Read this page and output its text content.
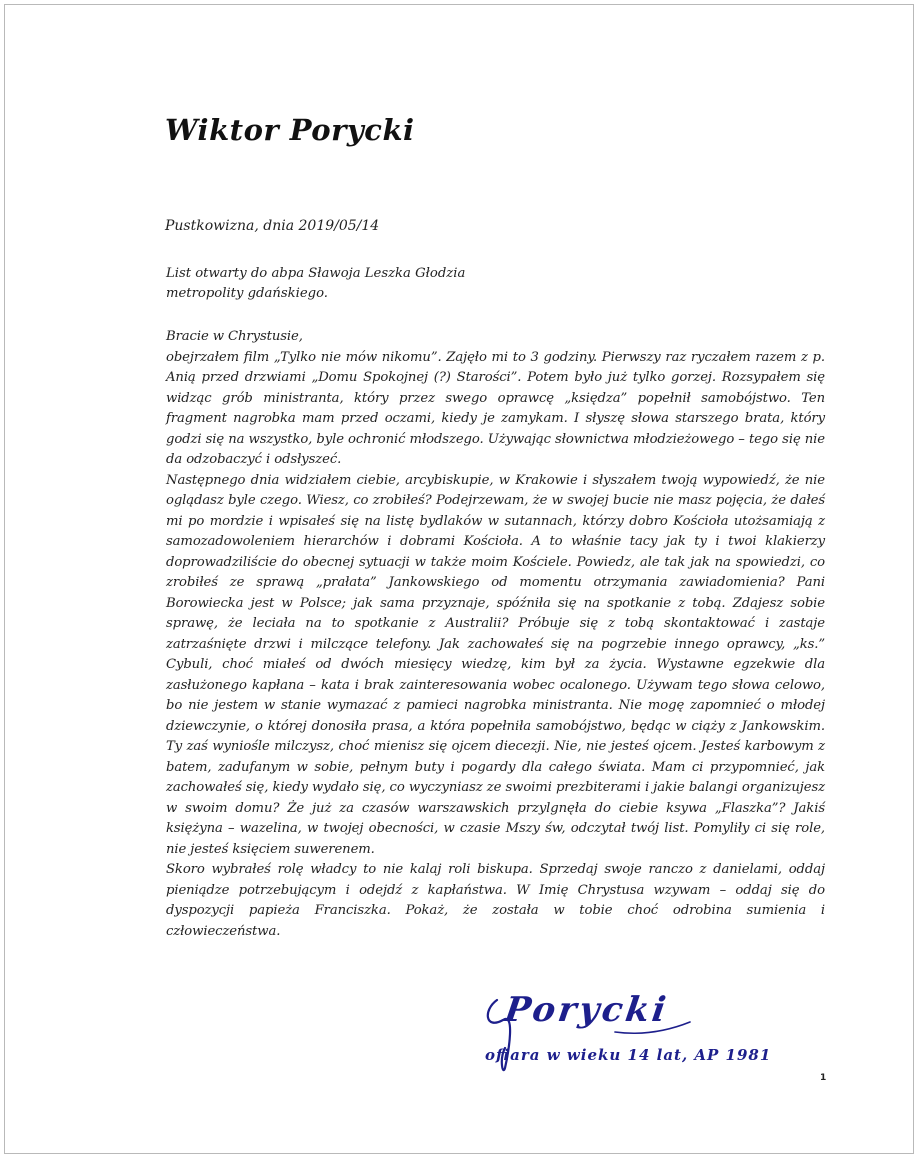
Wiktor Porycki
Pustkowizna, dnia 2019/05/14
List otwarty do abpa Sławoja Leszka Głodzia
metropolity gdańskiego.

Bracie w Chrystusie,

obejrzałem film „Tylko nie mów nikomu”. Zajęło mi to 3 godziny. Pierwszy raz ryczałem razem z p. Anią przed drzwiami „Domu Spokojnej (?) Starości”. Potem było już tylko gorzej. Rozsypałem się widząc grób ministranta, który przez swego oprawcę „księdza” popełnił samobójstwo. Ten fragment nagrobka mam przed oczami, kiedy je zamykam. I słyszę słowa starszego brata, który godzi się na wszystko, byle ochronić młodszego. Używając słownictwa młodzieżowego – tego się nie da odzobaczyć i odsłyszeć.

Następnego dnia widziałem ciebie, arcybiskupie, w Krakowie i słyszałem twoją wypowiedź, że nie oglądasz byle czego. Wiesz, co zrobiłeś? Podejrzewam, że w swojej bucie nie masz pojęcia, że dałeś mi po mordzie i wpisałeś się na listę bydlaków w sutannach, którzy dobro Kościoła utożsamiają z samozadowoleniem hierarchów i dobrami Kościoła. A to właśnie tacy jak ty i twoi klakierzy doprowadziliście do obecnej sytuacji w także moim Kościele. Powiedz, ale tak jak na spowiedzi, co zrobiłeś ze sprawą „prałata” Jankowskiego od momentu otrzymania zawiadomienia? Pani Borowiecka jest w Polsce; jak sama przyznaje, spóźniła się na spotkanie z tobą. Zdajesz sobie sprawę, że leciała na to spotkanie z Australii? Próbuje się z tobą skontaktować i zastaje zatrzaśnięte drzwi i milczące telefony. Jak zachowałeś się na pogrzebie innego oprawcy, „ks.” Cybuli, choć miałeś od dwóch miesięcy wiedzę, kim był za życia. Wystawne egzekwie dla zasłużonego kapłana – kata i brak zainteresowania wobec ocalonego. Używam tego słowa celowo, bo nie jestem w stanie wymazać z pamieci nagrobka ministranta. Nie mogę zapomnieć o młodej dziewczynie, o której donosiła prasa, a która popełniła samobójstwo, będąc w ciąży z Jankowskim. Ty zaś wyniośle milczysz, choć mienisz się ojcem diecezji. Nie, nie jesteś ojcem. Jesteś karbowym z batem, zadufanym w sobie, pełnym buty i pogardy dla całego świata. Mam ci przypomnieć, jak zachowałeś się, kiedy wydało się, co wyczyniasz ze swoimi prezbiterami i jakie balangi organizujesz w swoim domu? Że już za czasów warszawskich przylgnęła do ciebie ksywa „Flaszka”? Jakiś księżyna – wazelina, w twojej obecności, w czasie Mszy św, odczytał twój list. Pomyliły ci się role, nie jesteś księciem suwerenem.

Skoro wybrałeś rolę władcy to nie kalaj roli biskupa. Sprzedaj swoje ranczo z danielami, oddaj pieniądze potrzebującym i odejdź z kapłaństwa. W Imię Chrystusa wzywam – oddaj się do dyspozycji papieża Franciszka. Pokaż, że została w tobie choć odrobina sumienia i człowieczeństwa.

Porycki
ofiara w wieku 14 lat, AP 1981
1
